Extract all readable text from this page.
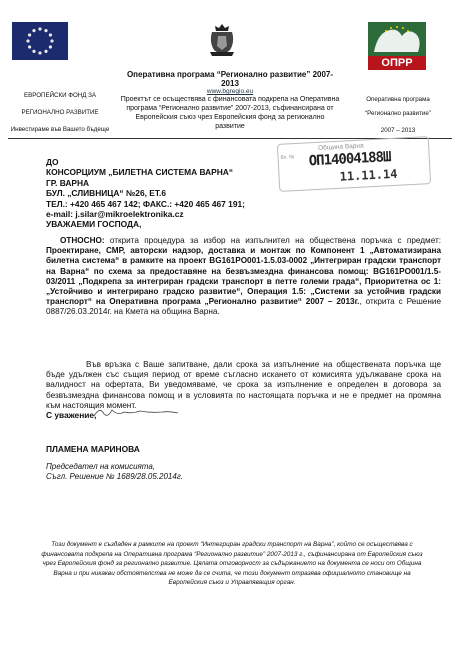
ОПРР
ЕВРОПЕЙСКИ ФОНД ЗА
РЕГИОНАЛНО РАЗВИТИЕ
Инвестираме във Вашето бъдеще
Оперативна програма “Регионално развитие” 2007-2013
www.bgregio.eu
Проектът се осъществява с финансовата подкрепа на Оперативна програма “Регионално развитие” 2007-2013, съфинансирана от Европейския съюз чрез Европейския фонд за регионално развитие
Оперативна програма
“Регионално развитие”
2007 – 2013
Община Варна
Вх. № ОП14004188Ш
11.11.14

ДО

КОНСОРЦИУМ „БИЛЕТНА СИСТЕМА ВАРНА“

ГР. ВАРНА

БУЛ. „СЛИВНИЦА“ №26, ЕТ.6

ТЕЛ.: +420 465 467 142; ФАКС.: +420 465 467 191;

e-mail: j.silar@mikroelektronika.cz

УВАЖАЕМИ ГОСПОДА,

ОТНОСНО: открита процедура за избор на изпълнител на обществена поръчка с предмет: Проектиране, СМР, авторски надзор, доставка и монтаж по Компонент 1 „Автоматизирана билетна система“ в рамките на проект BG161PO001-1.5.03-0002 „Интегриран градски транспорт на Варна“ по схема за предоставяне на безвъзмездна финансова помощ: BG161PO001/1.5-03/2011 „Подкрепа за интегриран градски транспорт в петте големи града“, Приоритетна ос 1: „Устойчиво и интегрирано градско развитие“, Операция 1.5: „Системи за устойчив градски транспорт“ на Оперативна програма „Регионално развитие“ 2007 – 2013г., открита с Решение 0887/26.03.2014г. на Кмета на община Варна.
Във връзка с Ваше запитване, дали срока за изпълнение на обществената поръчка ще бъде удължен със същия период от време съгласно искането от комисията удължаване срока на валидност на офертата, Ви уведомяваме, че срока за изпълнение е определен в договора за безвъзмездна финансова помощ и в условията по настоящата поръчка и не е предмет на промяна към настоящия момент.
С уважение,
ПЛАМЕНА МАРИНОВА
Председател на комисията,
Съгл. Решение № 1689/28.05.2014г.
Този документ е създаден в рамките на проект “Интегриран градски транспорт на Варна”, който се осъществява с финансовата подкрепа на Оперативна програма “Регионално развитие” 2007-2013 г., съфинансирана от Европейския съюз чрез Европейския фонд за регионално развитие. Цялата отговорност за съдържанието на документа се носи от Община Варна и при никакви обстоятелства не може да се счита, че този документ отразява официалното становище на Европейския съюз и Управляващия орган.
